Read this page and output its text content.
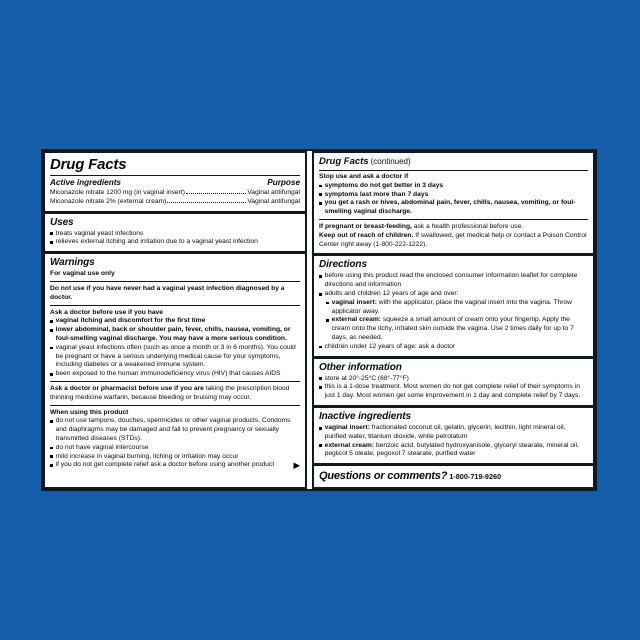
Drug Facts
Active ingredients	Purpose
Miconazole nitrate 1200 mg (in vaginal insert)	Vaginal antifungal
Miconazole nitrate 2% (external cream)	Vaginal antifungal
Uses
treats vaginal yeast infections
relieves external itching and irritation due to a vaginal yeast infection
Warnings
For vaginal use only
Do not use if you have never had a vaginal yeast infection diagnosed by a doctor.
Ask a doctor before use if you have
vaginal itching and discomfort for the first time
lower abdominal, back or shoulder pain, fever, chills, nausea, vomiting, or foul-smelling vaginal discharge. You may have a more serious condition.
vaginal yeast infections often (such as once a month or 3 in 6 months). You could be pregnant or have a serious underlying medical cause for your symptoms, including diabetes or a weakened immune system.
been exposed to the human immunodeficiency virus (HIV) that causes AIDS
Ask a doctor or pharmacist before use if you are taking the prescription blood thinning medicine warfarin, because bleeding or bruising may occur.
When using this product
do not use tampons, douches, spermicides or other vaginal products. Condoms and diaphragms may be damaged and fail to prevent pregnancy or sexually transmitted diseases (STDs).
do not have vaginal intercourse
mild increase in vaginal burning, itching or irritation may occur
if you do not get complete relief ask a doctor before using another product	▶
Drug Facts (continued)
Stop use and ask a doctor if
symptoms do not get better in 3 days
symptoms last more than 7 days
you get a rash or hives, abdominal pain, fever, chills, nausea, vomiting, or foul-smelling vaginal discharge.
If pregnant or breast-feeding, ask a health professional before use.
Keep out of reach of children. If swallowed, get medical help or contact a Poison Control Center right away (1-800-222-1222).
Directions
before using this product read the enclosed consumer information leaflet for complete directions and information
adults and children 12 years of age and over:
vaginal insert: with the applicator, place the vaginal insert into the vagina. Throw applicator away.
external cream: squeeze a small amount of cream onto your fingertip. Apply the cream onto the itchy, irritated skin outside the vagina. Use 2 times daily for up to 7 days, as needed.
children under 12 years of age: ask a doctor
Other information
store at 20°-25°C (68°-77°F)
this is a 1-dose treatment. Most women do not get complete relief of their symptoms in just 1 day. Most women get some improvement in 1 day and complete relief by 7 days.
Inactive ingredients
vaginal insert: fractionated coconut oil, gelatin, glycerin, lecithin, light mineral oil, purified water, titanium dioxide, white petrolatum
external cream: benzoic acid, butylated hydroxyanisole, glyceryl stearate, mineral oil, peglicol 5 oleate, pegoxol 7 stearate, purified water
Questions or comments? 1-800-719-9260
